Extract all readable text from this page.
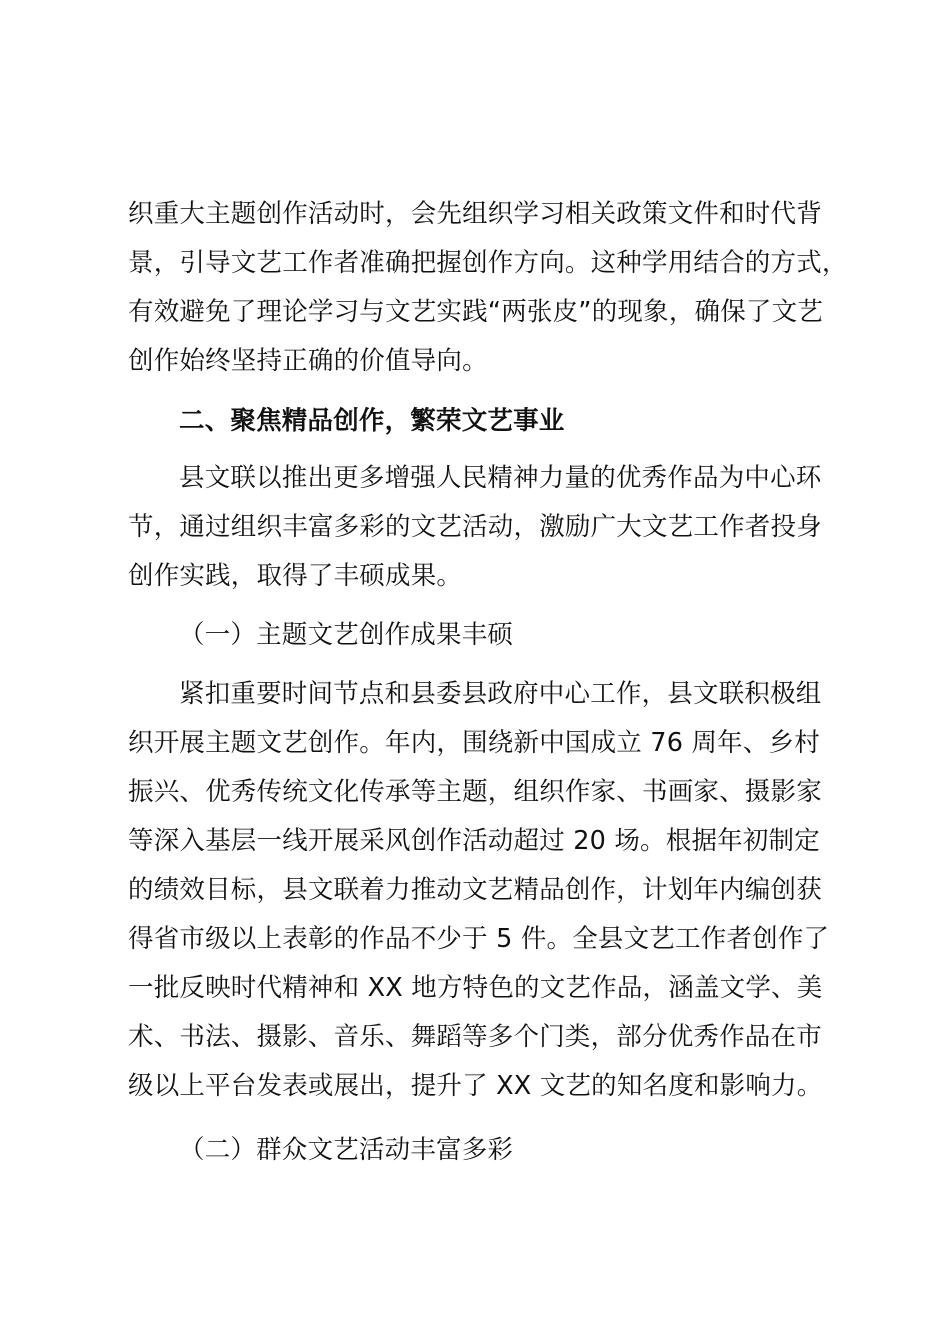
织重大主题创作活动时，会先组织学习相关政策文件和时代背
景，引导文艺工作者准确把握创作方向。这种学用结合的方式，
有效避免了理论学习与文艺实践“两张皮”的现象，确保了文艺
创作始终坚持正确的价值导向。
二、聚焦精品创作，繁荣文艺事业
县文联以推出更多增强人民精神力量的优秀作品为中心环
节，通过组织丰富多彩的文艺活动，激励广大文艺工作者投身
创作实践，取得了丰硕成果。
（一）主题文艺创作成果丰硕
紧扣重要时间节点和县委县政府中心工作，县文联积极组
织开展主题文艺创作。年内，围绕新中国成立 76 周年、乡村
振兴、优秀传统文化传承等主题，组织作家、书画家、摄影家
等深入基层一线开展采风创作活动超过 20 场。根据年初制定
的绩效目标，县文联着力推动文艺精品创作，计划年内编创获
得省市级以上表彰的作品不少于 5 件。全县文艺工作者创作了
一批反映时代精神和 XX 地方特色的文艺作品，涵盖文学、美
术、书法、摄影、音乐、舞蹈等多个门类，部分优秀作品在市
级以上平台发表或展出，提升了 XX 文艺的知名度和影响力。
（二）群众文艺活动丰富多彩
